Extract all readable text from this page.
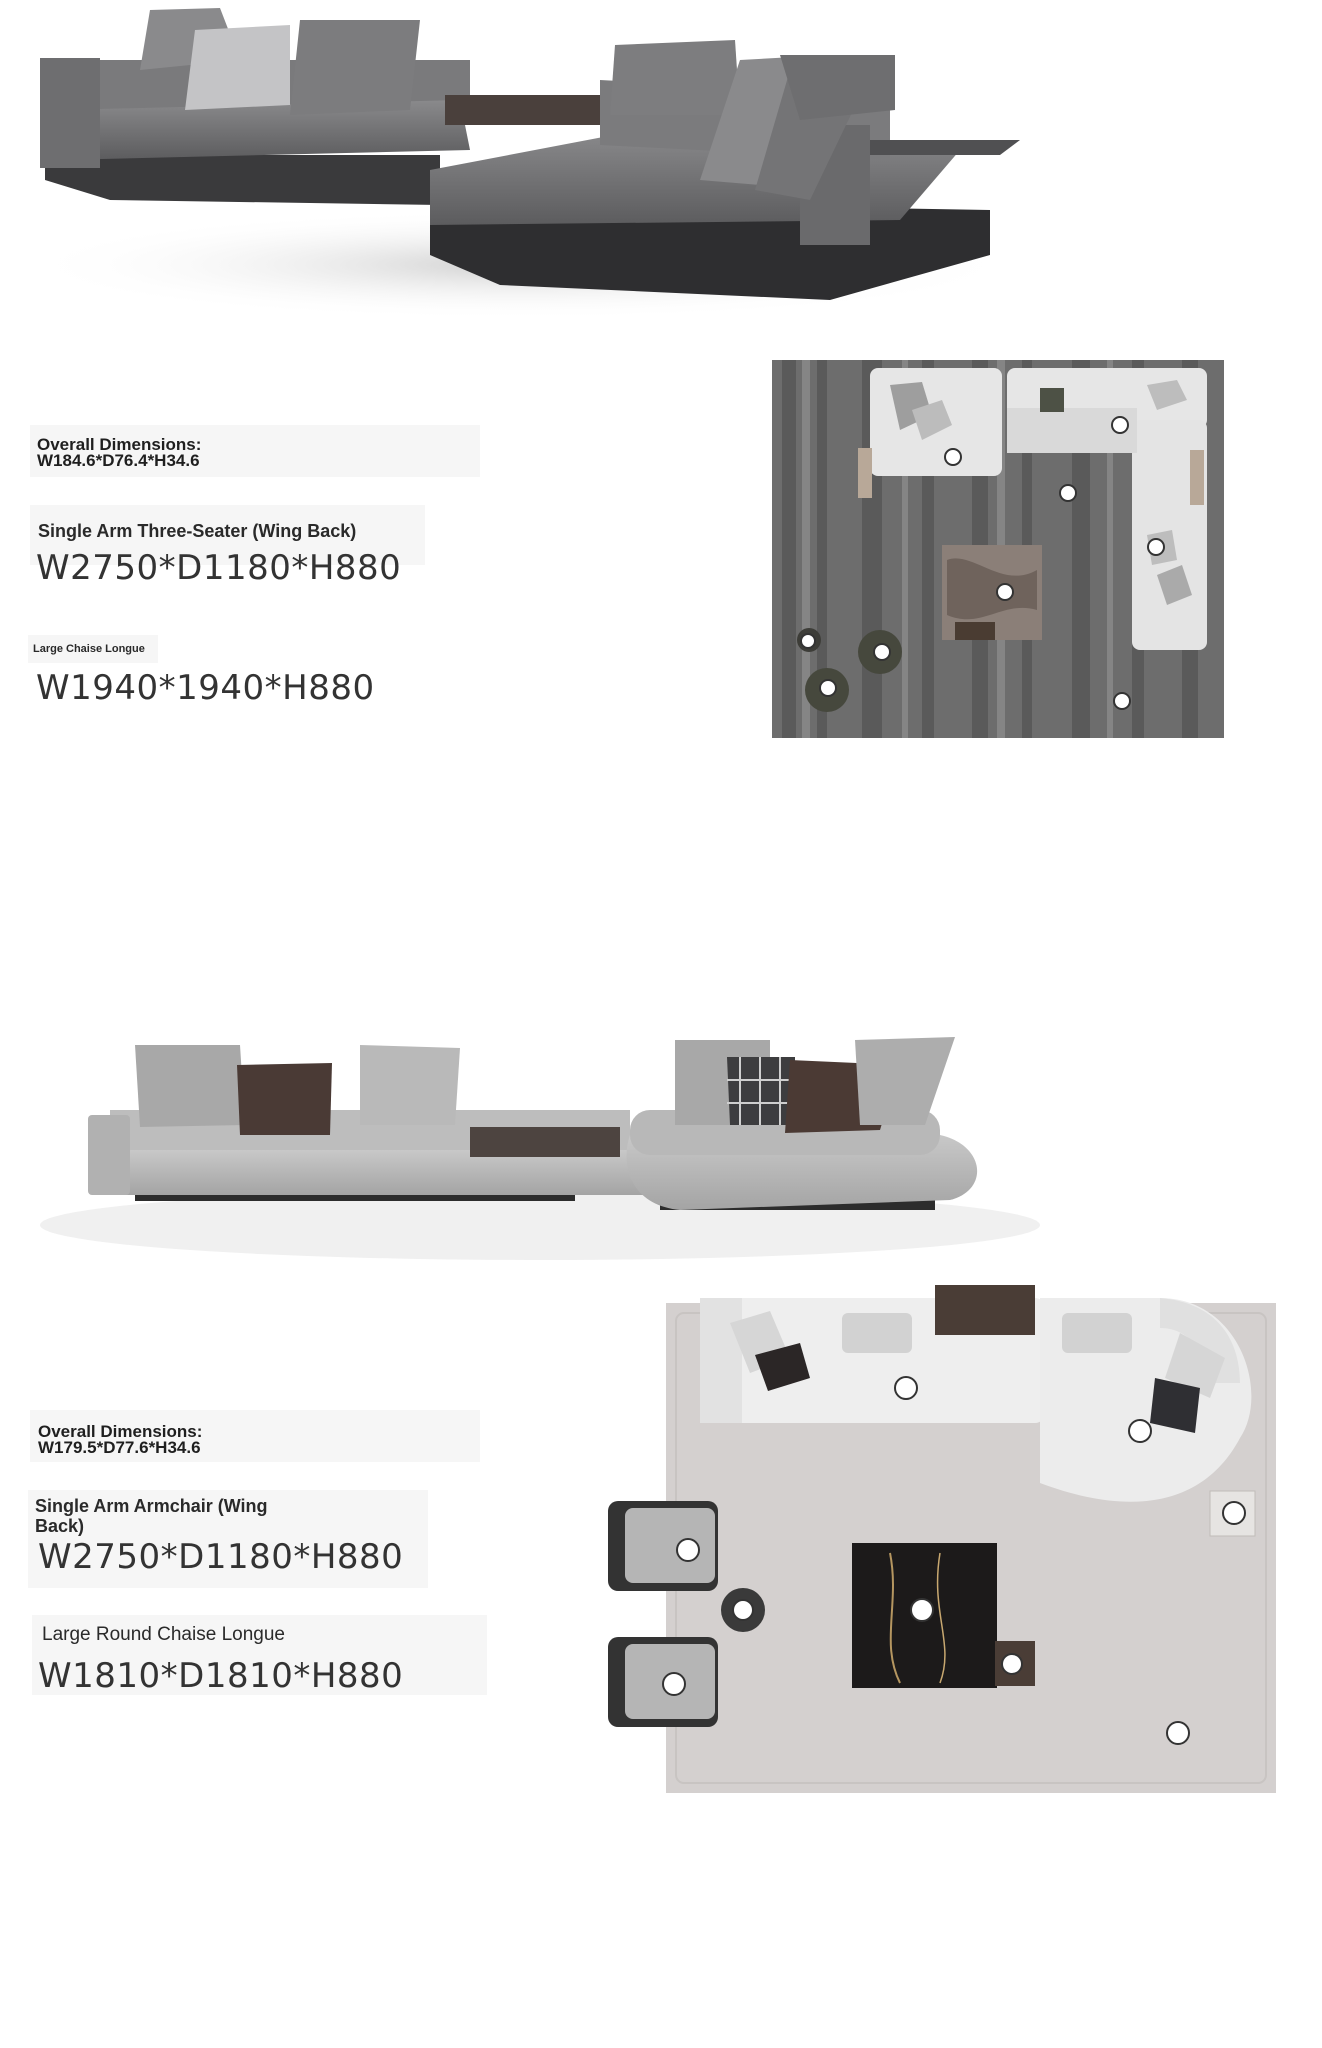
Overall Dimensions:
W184.6*D76.4*H34.6
Single Arm Three-Seater (Wing Back)
W2750*D1180*H880
Large Chaise Longue
W1940*1940*H880
Overall Dimensions:
W179.5*D77.6*H34.6
Single Arm Armchair (Wing Back)
W2750*D1180*H880
Large Round Chaise Longue
W1810*D1810*H880
